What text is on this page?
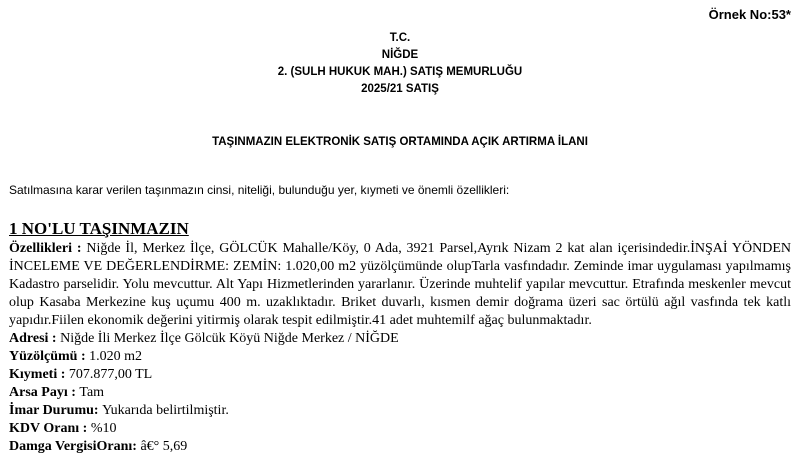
Örnek No:53*
T.C.
NİĞDE
2. (SULH HUKUK MAH.) SATIŞ MEMURLUĞU
2025/21 SATIŞ
TAŞINMAZIN ELEKTRONİK SATIŞ ORTAMINDA AÇIK ARTIRMA İLANI
Satılmasına karar verilen taşınmazın cinsi, niteliği, bulunduğu yer, kıymeti ve önemli özellikleri:
1 NO'LU TAŞINMAZIN
Özellikleri : Niğde İl, Merkez İlçe, GÖLCÜK Mahalle/Köy, 0 Ada, 3921 Parsel,Ayrık Nizam 2 kat alan içerisindedir.İNŞAİ YÖNDEN İNCELEME VE DEĞERLENDİRME: ZEMİN: 1.020,00 m2 yüzölçümünde olupTarla vasfındadır. Zeminde imar uygulaması yapılmamış Kadastro parselidir. Yolu mevcuttur. Alt Yapı Hizmetlerinden yararlanır. Üzerinde muhtelif yapılar mevcuttur. Etrafında meskenler mevcut olup Kasaba Merkezine kuş uçumu 400 m. uzaklıktadır. Briket duvarlı, kısmen demir doğrama üzeri sac örtülü ağıl vasfında tek katlı yapıdır.Fiilen ekonomik değerini yitirmiş olarak tespit edilmiştir.41 adet muhtemilf ağaç bulunmaktadır.
Adresi : Niğde İli Merkez İlçe Gölcük Köyü Niğde Merkez / NİĞDE
Yüzölçümü : 1.020 m2
Kıymeti : 707.877,00 TL
Arsa Payı : Tam
İmar Durumu: Yukarıda belirtilmiştir.
KDV Oranı : %10
Damga VergisiOranı: â€° 5,69
